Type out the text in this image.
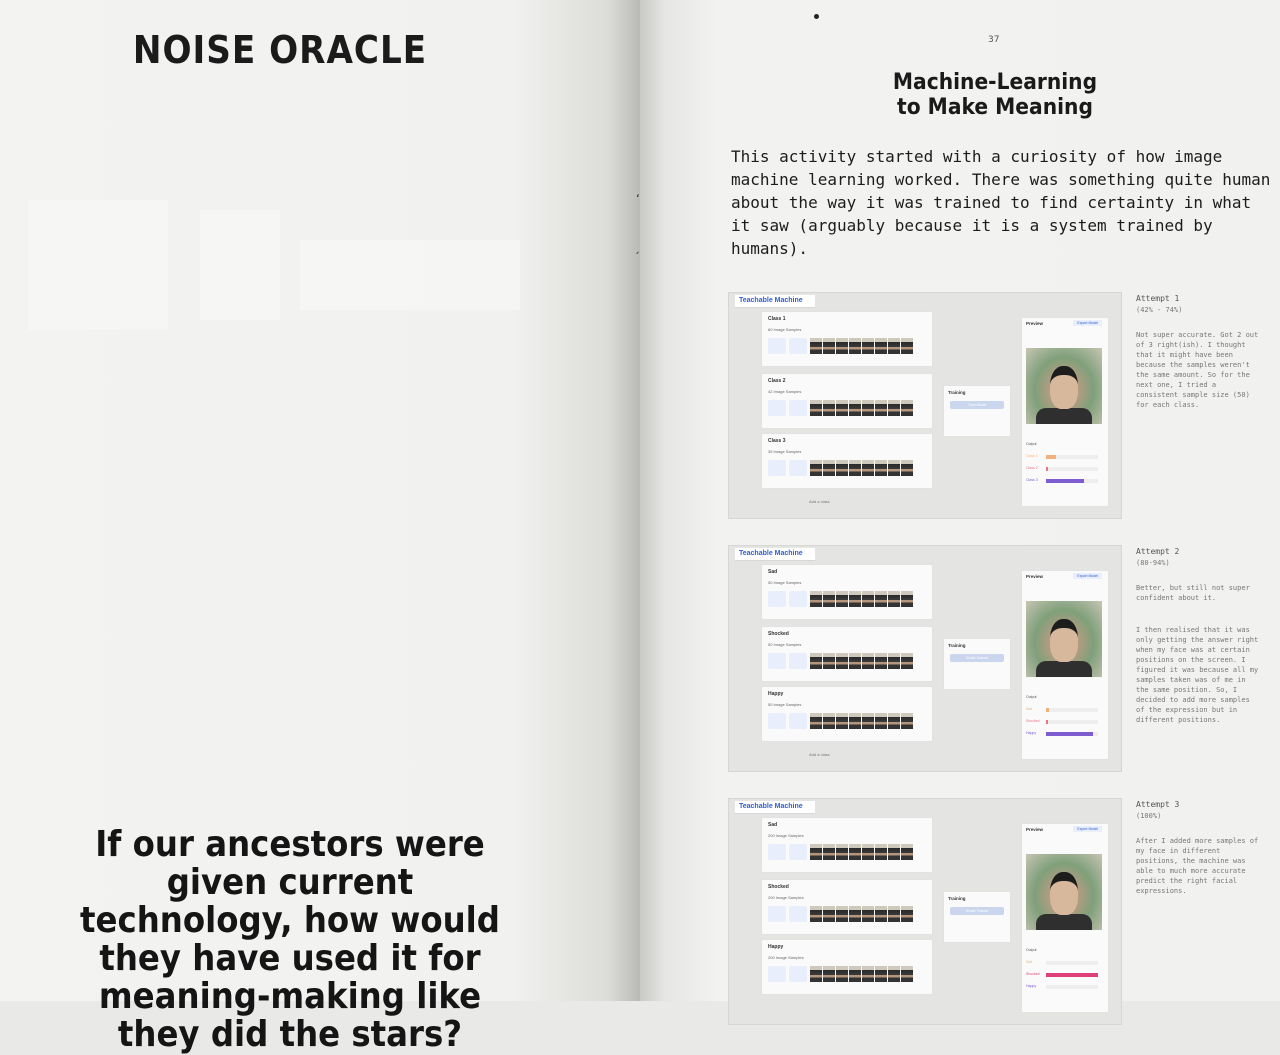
NOISE ORACLE
If our ancestors were given current technology, how would they have used it for meaning-making like they did the stars?
37
Machine-Learning
to Make Meaning
This activity started with a curiosity of how image machine learning worked. There was something quite human about the way it was trained to find certainty in what it saw (arguably because it is a system trained by humans).
Teachable Machine
Class 1
60 Image Samples
Class 2
42 Image Samples
Class 3
39 Image Samples
Add a class
Training
Train Model
Preview	Export Model
Output
Class 1
Class 2
Class 3
Attempt 1
(42% - 74%)
Not super accurate. Got 2 out of 3 right(ish). I thought that it might have been because the samples weren't the same amount. So for the next one, I tried a consistent sample size (50) for each class.
Teachable Machine
Sad
50 Image Samples
Shocked
50 Image Samples
Happy
50 Image Samples
Add a class
Training
Model Trained
Preview	Export Model
Output
Sad
Shocked
Happy
Attempt 2
(80-94%)
Better, but still not super confident about it.
I then realised that it was only getting the answer right when my face was at certain positions on the screen. I figured it was because all my samples taken was of me in the same position. So, I decided to add more samples of the expression but in different positions.
Teachable Machine
Sad
200 Image Samples
Shocked
200 Image Samples
Happy
200 Image Samples
Training
Model Trained
Preview	Export Model
Output
Sad
Shocked
Happy
Attempt 3
(100%)
After I added more samples of my face in different positions, the machine was able to much more accurate predict the right facial expressions.
ʻ
ˏ
